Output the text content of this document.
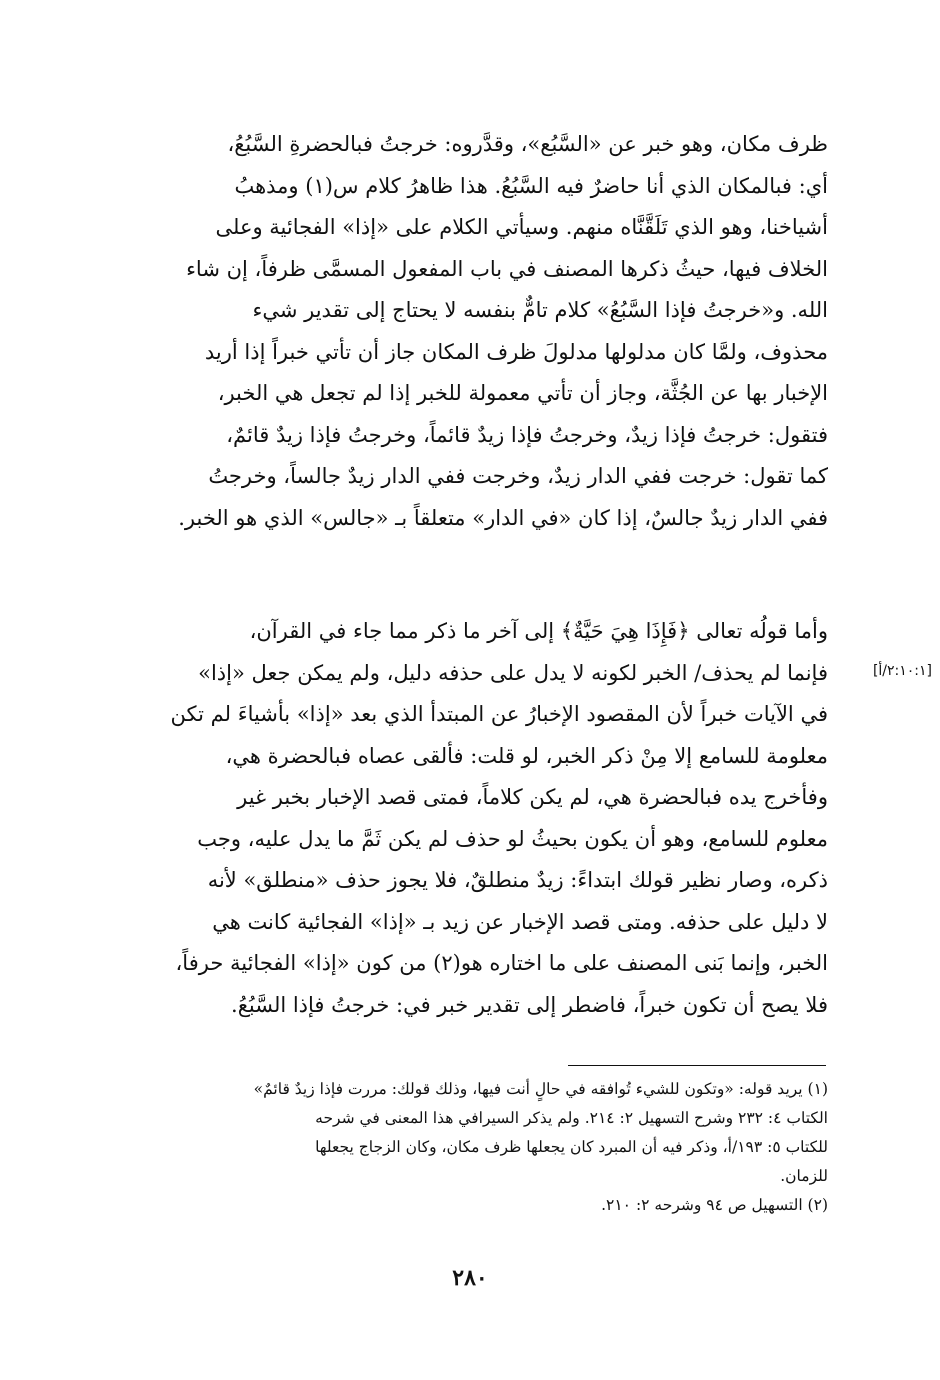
ظرف مكان، وهو خبر عن «السَّبُع»، وقدَّروه: خرجتُ فبالحضرةِ السَّبُعُ،
أي: فبالمكان الذي أنا حاضرٌ فيه السَّبُعُ. هذا ظاهرُ كلام س(١) ومذهبُ
أشياخنا، وهو الذي تَلَقَّنَّاه منهم. وسيأتي الكلام على «إذا» الفجائية وعلى
الخلاف فيها، حيثُ ذكرها المصنف في باب المفعول المسمَّى ظرفاً، إن شاء
الله. و«خرجتُ فإذا السَّبُعُ» كلام تامٌّ بنفسه لا يحتاج إلى تقدير شيء
محذوف، ولمَّا كان مدلولها مدلولَ ظرف المكان جاز أن تأتي خبراً إذا أريد
الإخبار بها عن الجُثَّة، وجاز أن تأتي معمولة للخبر إذا لم تجعل هي الخبر،
فتقول: خرجتُ فإذا زيدٌ، وخرجتُ فإذا زيدٌ قائماً، وخرجتُ فإذا زيدٌ قائمٌ،
كما تقول: خرجت ففي الدار زيدٌ، وخرجت ففي الدار زيدٌ جالساً، وخرجتُ
ففي الدار زيدٌ جالسٌ، إذا كان «في الدار» متعلقاً بـ «جالس» الذي هو الخبر.
وأما قولُه تعالى ﴿فَإِذَا هِيَ حَيَّةٌ﴾ إلى آخر ما ذكر مما جاء في القرآن،
فإنما لم يحذف/ الخبر لكونه لا يدل على حذفه دليل، ولم يمكن جعل «إذا»
في الآيات خبراً لأن المقصود الإخبارُ عن المبتدأ الذي بعد «إذا» بأشياءَ لم تكن
معلومة للسامع إلا مِنْ ذكر الخبر، لو قلت: فألقى عصاه فبالحضرة هي،
وفأخرج يده فبالحضرة هي، لم يكن كلاماً، فمتى قصد الإخبار بخبر غير
معلوم للسامع، وهو أن يكون بحيثُ لو حذف لم يكن ثَمَّ ما يدل عليه، وجب
ذكره، وصار نظير قولك ابتداءً: زيدٌ منطلقٌ، فلا يجوز حذف «منطلق» لأنه
لا دليل على حذفه. ومتى قصد الإخبار عن زيد بـ «إذا» الفجائية كانت هي
الخبر، وإنما بَنى المصنف على ما اختاره هو(٢) من كون «إذا» الفجائية حرفاً،
فلا يصح أن تكون خبراً، فاضطر إلى تقدير خبر في: خرجتُ فإذا السَّبُعُ.
[٢:١٠:١/أ]
(١) يريد قوله: «وتكون للشيء تُوافقه في حالٍ أنت فيها، وذلك قولك: مررت فإذا زيدٌ قائمٌ»
الكتاب ٤: ٢٣٢ وشرح التسهيل ٢: ٢١٤. ولم يذكر السيرافي هذا المعنى في شرحه
للكتاب ٥: ١٩٣/أ، وذكر فيه أن المبرد كان يجعلها ظرف مكان، وكان الزجاج يجعلها
للزمان.
(٢) التسهيل ص ٩٤ وشرحه ٢: ٢١٠.
٢٨٠
